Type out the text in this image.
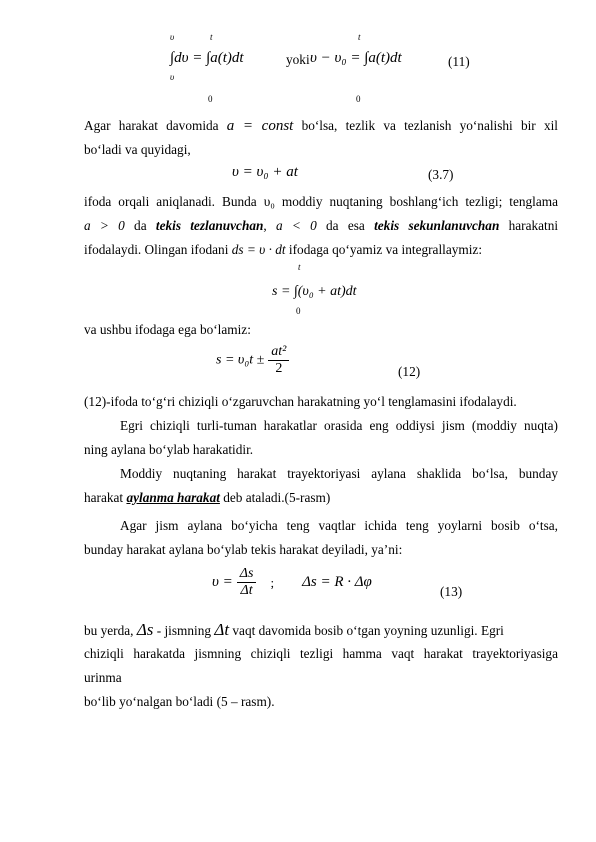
υ	t
∫dυ = ∫a(t)dt
υ
0
yoki
t
υ − υ₀ = ∫a(t)dt
0
(11)
Agar harakat davomida a = const bo‘lsa, tezlik va tezlanish yo‘nalishi bir xil
bo‘ladi va quyidagi,
υ = υ₀ + at	(3.7)
ifoda orqali aniqlanadi. Bunda υ₀ moddiy nuqtaning boshlang‘ich tezligi; tenglama
a > 0 da tekis tezlanuvchan, a < 0 da esa tekis sekunlanuvchan harakatni
ifodalaydi. Olingan ifodani ds = υ · dt ifodaga qo‘yamiz va integrallaymiz:
t
s = ∫(υ₀ + at)dt
0
va ushbu ifodaga ega bo‘lamiz:
$s = \upsilon_0t \pm \frac{\text{at²}}{2}$	(12)
(12)-ifoda to‘g‘ri chiziqli o‘zgaruvchan harakatning yo‘l tenglamasini ifodalaydi.
Egri chiziqli turli-tuman harakatlar orasida eng oddiysi jism (moddiy nuqta)
ning aylana bo‘ylab harakatidir.
Moddiy nuqtaning harakat trayektoriyasi aylana shaklida bo‘lsa, bunday
harakat aylanma harakat deb ataladi.(5-rasm)
Agar jism aylana bo‘yicha teng vaqtlar ichida teng yoylarni bosib o‘tsa,
bunday harakat aylana bo‘ylab tekis harakat deyiladi, ya’ni:
$\upsilon = \frac{\Delta s}{\Delta t}$ ; Δs = R · Δφ
(13)
bu yerda, Δs - jismning Δt vaqt davomida bosib o‘tgan yoyning uzunligi. Egri
chiziqli harakatda jismning chiziqli tezligi hamma vaqt harakat trayektoriyasiga
urinma
bo‘lib yo‘nalgan bo‘ladi (5 – rasm).
